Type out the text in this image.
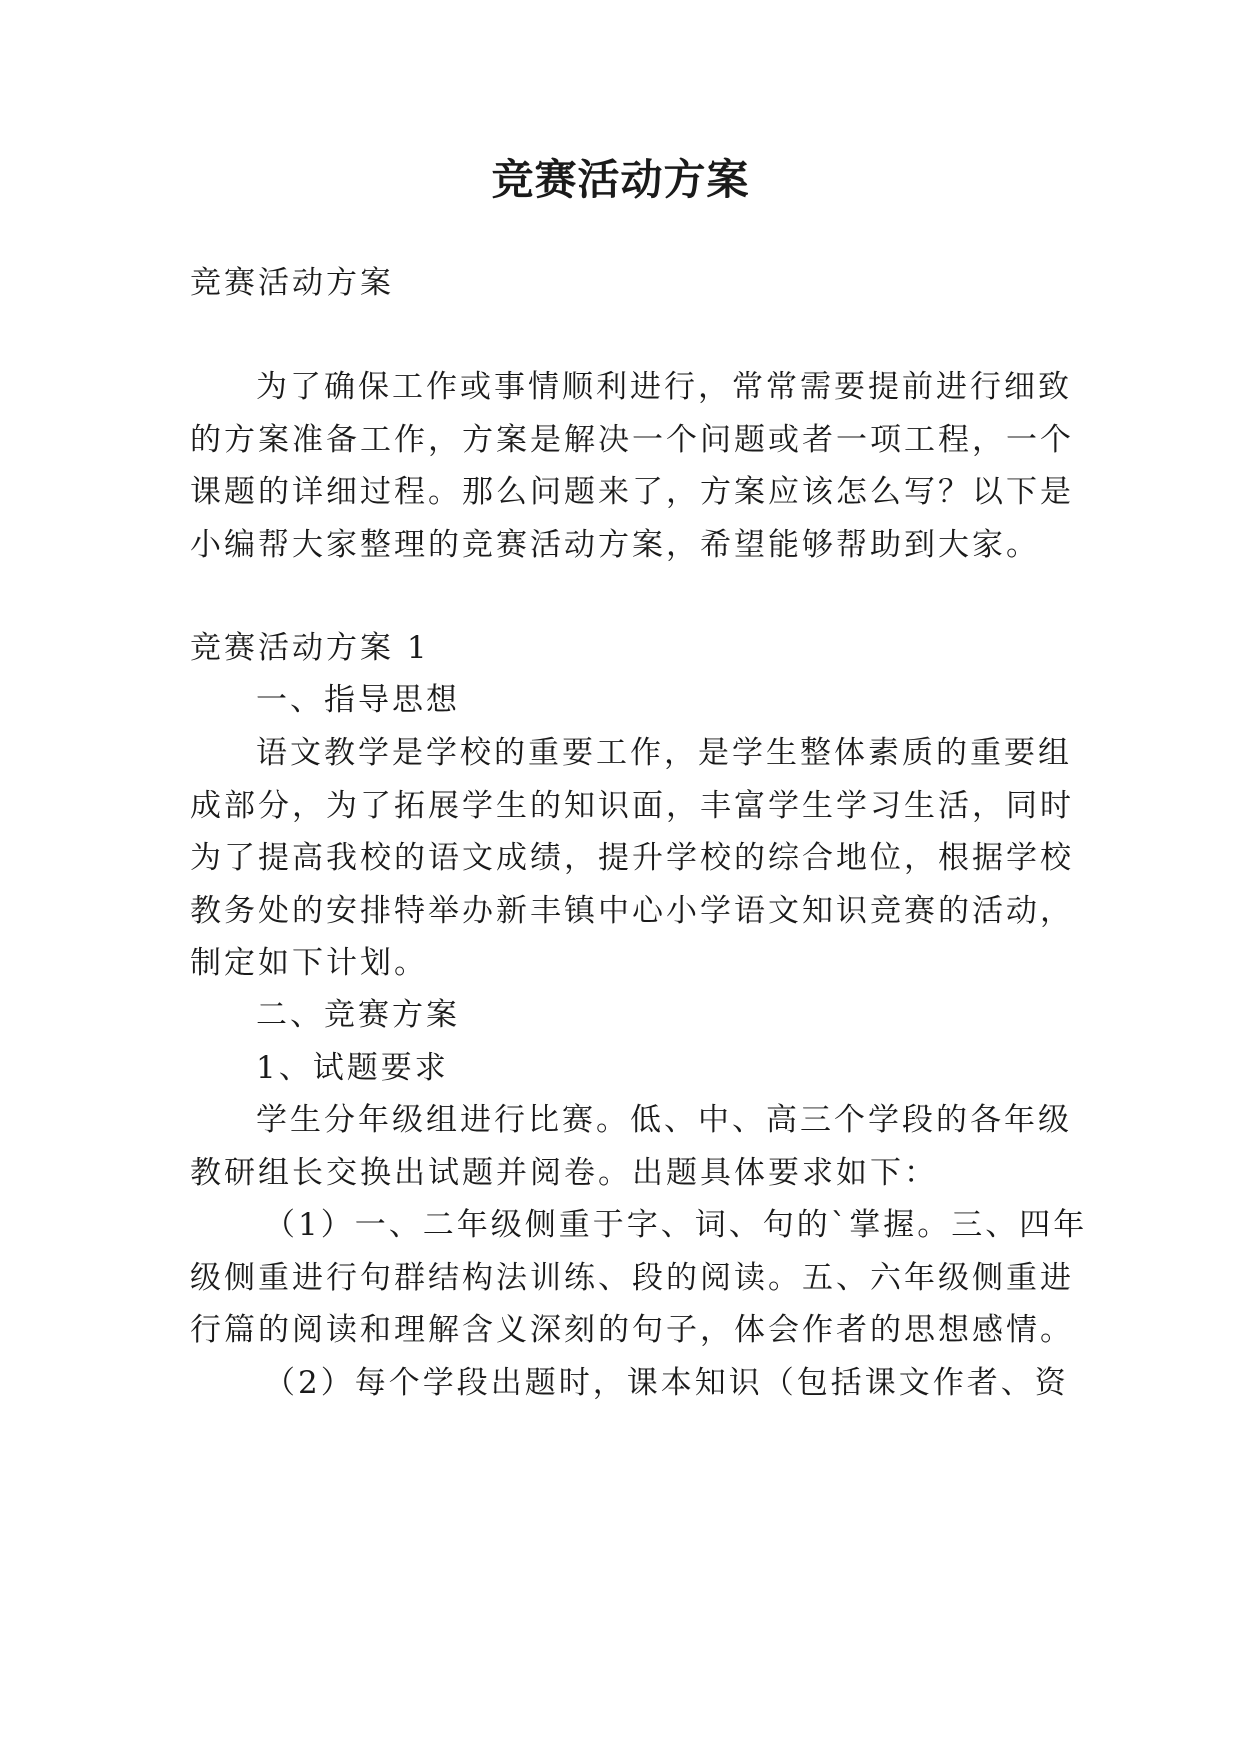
竞赛活动方案
竞赛活动方案
为了确保工作或事情顺利进行，常常需要提前进行细致
的方案准备工作，方案是解决一个问题或者一项工程，一个
课题的详细过程。那么问题来了，方案应该怎么写？以下是
小编帮大家整理的竞赛活动方案，希望能够帮助到大家。
竞赛活动方案 1
一、指导思想
语文教学是学校的重要工作，是学生整体素质的重要组
成部分，为了拓展学生的知识面，丰富学生学习生活，同时
为了提高我校的语文成绩，提升学校的综合地位，根据学校
教务处的安排特举办新丰镇中心小学语文知识竞赛的活动，
制定如下计划。
二、竞赛方案
1、试题要求
学生分年级组进行比赛。低、中、高三个学段的各年级
教研组长交换出试题并阅卷。出题具体要求如下：
（1）一、二年级侧重于字、词、句的`掌握。三、四年
级侧重进行句群结构法训练、段的阅读。五、六年级侧重进
行篇的阅读和理解含义深刻的句子，体会作者的思想感情。
（2）每个学段出题时，课本知识（包括课文作者、资
